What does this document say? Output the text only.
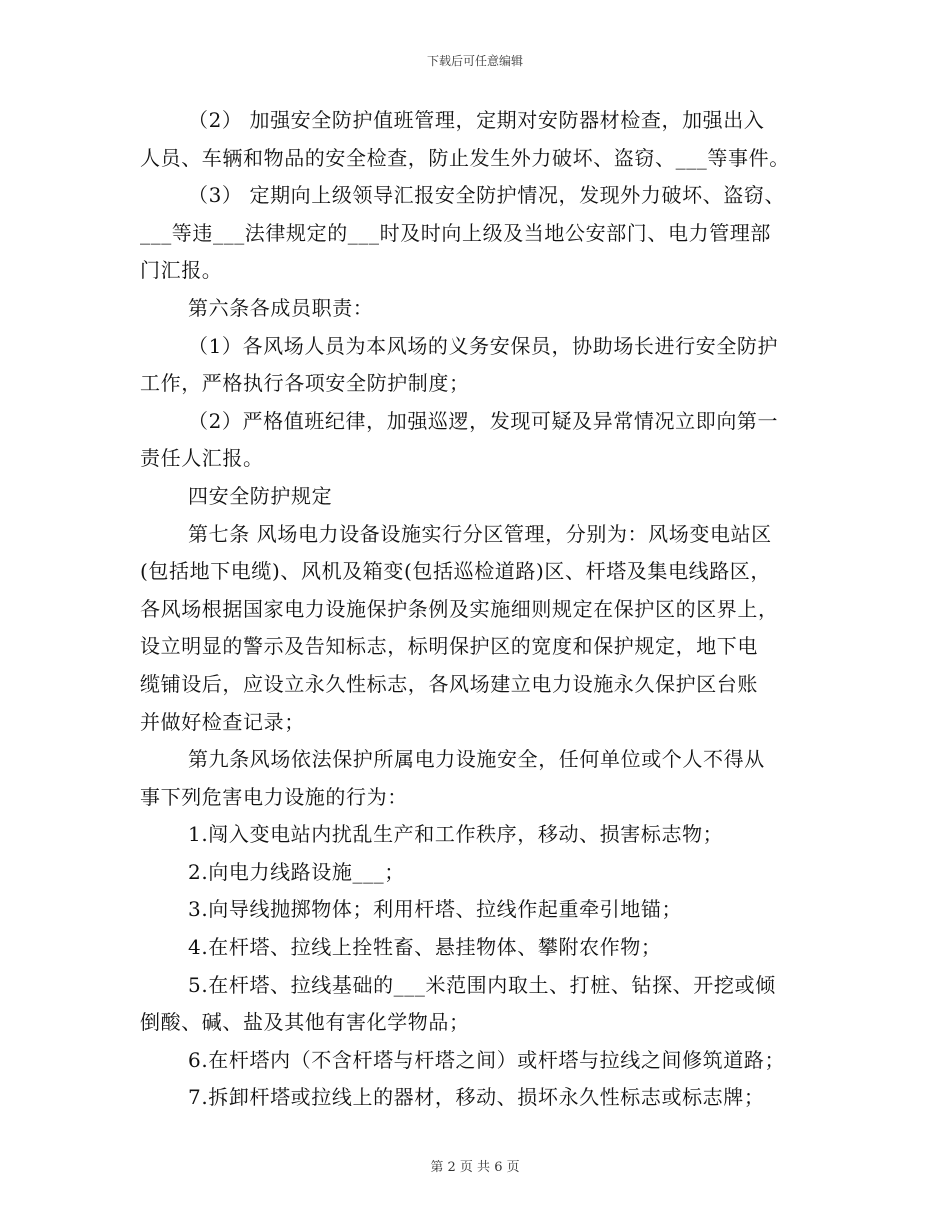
下载后可任意编辑
（2） 加强安全防护值班管理，定期对安防器材检查，加强出入
人员、车辆和物品的安全检查，防止发生外力破坏、盗窃、___等事件。
（3） 定期向上级领导汇报安全防护情况，发现外力破坏、盗窃、
___等违___法律规定的___时及时向上级及当地公安部门、电力管理部
门汇报。
第六条各成员职责：
（1）各风场人员为本风场的义务安保员，协助场长进行安全防护
工作，严格执行各项安全防护制度；
（2）严格值班纪律，加强巡逻，发现可疑及异常情况立即向第一
责任人汇报。
四安全防护规定
第七条 风场电力设备设施实行分区管理，分别为：风场变电站区
(包括地下电缆)、风机及箱变(包括巡检道路)区、杆塔及集电线路区，
各风场根据国家电力设施保护条例及实施细则规定在保护区的区界上，
设立明显的警示及告知标志，标明保护区的宽度和保护规定，地下电
缆铺设后，应设立永久性标志，各风场建立电力设施永久保护区台账
并做好检查记录；
第九条风场依法保护所属电力设施安全，任何单位或个人不得从
事下列危害电力设施的行为：
1.闯入变电站内扰乱生产和工作秩序，移动、损害标志物；
2.向电力线路设施___；
3.向导线抛掷物体；利用杆塔、拉线作起重牵引地锚；
4.在杆塔、拉线上拴牲畜、悬挂物体、攀附农作物；
5.在杆塔、拉线基础的___米范围内取土、打桩、钻探、开挖或倾
倒酸、碱、盐及其他有害化学物品；
6.在杆塔内（不含杆塔与杆塔之间）或杆塔与拉线之间修筑道路；
7.拆卸杆塔或拉线上的器材，移动、损坏永久性标志或标志牌；
第 2 页 共 6 页
